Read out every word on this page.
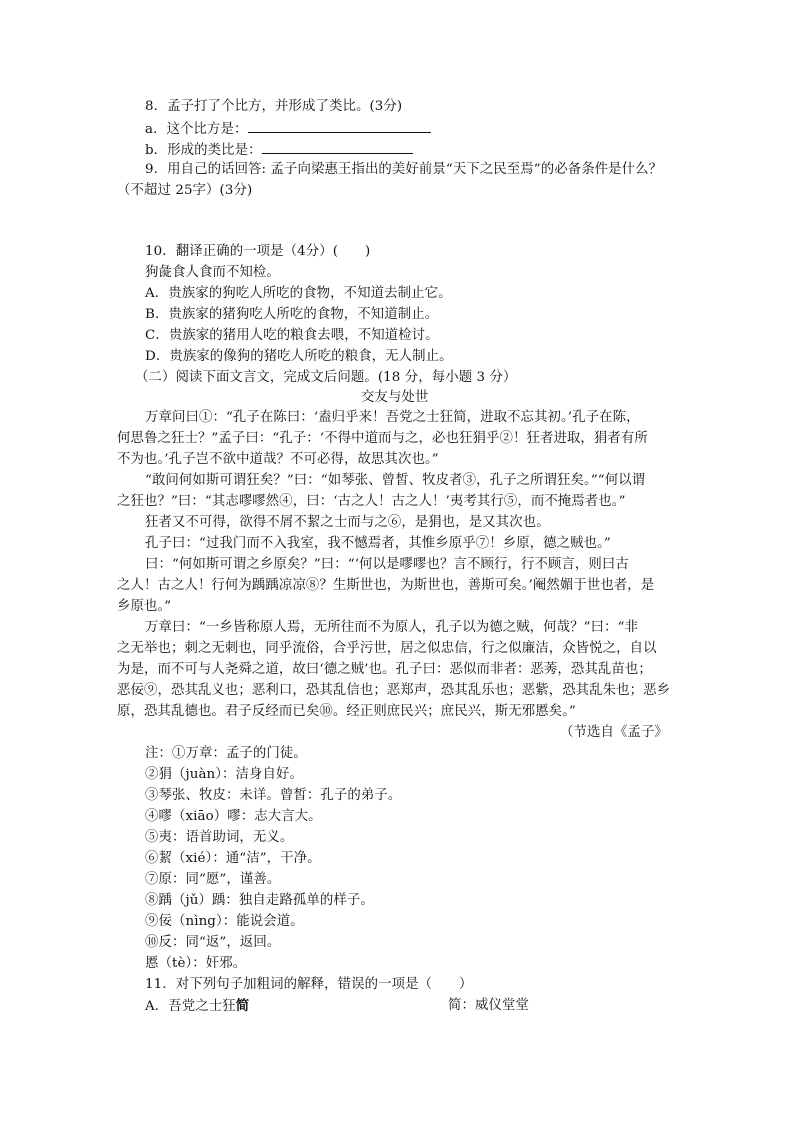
8．孟子打了个比方，并形成了类比。(3分)
a．这个比方是：
b．形成的类比是：
9．用自己的话回答: 孟子向梁惠王指出的美好前景“天下之民至焉”的必备条件是什么？
（不超过 25字）(3分)
10．翻译正确的一项是（4分）(　　)
狗彘食人食而不知检。
A．贵族家的狗吃人所吃的食物，不知道去制止它。
B．贵族家的猪狗吃人所吃的食物，不知道制止。
C．贵族家的猪用人吃的粮食去喂，不知道检讨。
D．贵族家的像狗的猪吃人所吃的粮食，无人制止。
（二）阅读下面文言文，完成文后问题。(18 分，每小题 3 分）
交友与处世
万章问曰①：“孔子在陈曰：‘盍归乎来！吾党之士狂简，进取不忘其初。’孔子在陈，
何思鲁之狂士？”孟子曰：“孔子：‘不得中道而与之，必也狂狷乎②！狂者进取，狷者有所
不为也。’孔子岂不欲中道哉？不可必得，故思其次也。”
“敢问何如斯可谓狂矣？”曰：“如琴张、曾皙、牧皮者③，孔子之所谓狂矣。”“何以谓
之狂也？”曰：“其志嘐嘐然④，曰：‘古之人！古之人！’夷考其行⑤，而不掩焉者也。”
狂者又不可得，欲得不屑不絜之士而与之⑥，是狷也，是又其次也。
孔子曰：“过我门而不入我室，我不憾焉者，其惟乡原乎⑦！乡原，德之贼也。”
曰：“何如斯可谓之乡原矣？”曰：“‘何以是嘐嘐也？言不顾行，行不顾言，则曰古
之人！古之人！行何为踽踽凉凉⑧？生斯世也，为斯世也，善斯可矣。’阉然媚于世也者，是
乡原也。”
万章曰：“一乡皆称原人焉，无所往而不为原人，孔子以为德之贼，何哉？”曰：“非
之无举也；刺之无刺也，同乎流俗，合乎污世，居之似忠信，行之似廉洁，众皆悦之，自以
为是，而不可与人尧舜之道，故曰‘德之贼’也。孔子曰：恶似而非者：恶莠，恐其乱苗也；
恶佞⑨，恐其乱义也；恶利口，恐其乱信也；恶郑声，恐其乱乐也；恶紫，恐其乱朱也；恶乡
原，恐其乱德也。君子反经而已矣⑩。经正则庶民兴；庶民兴，斯无邪慝矣。”
（节选自《孟子》
注：①万章：孟子的门徒。
②狷（juàn）：洁身自好。
③琴张、牧皮：未详。曾皙：孔子的弟子。
④嘐（xiāo）嘐：志大言大。
⑤夷：语首助词，无义。
⑥絜（xié）：通“洁”，干净。
⑦原：同“愿”，谨善。
⑧踽（jǔ）踽：独自走路孤单的样子。
⑨佞（nìng）：能说会道。
⑩反：同“返”，返回。
慝（tè）：奸邪。
11．对下列句子加粗词的解释，错误的一项是（　　）
A．吾党之士狂简	简：威仪堂堂
